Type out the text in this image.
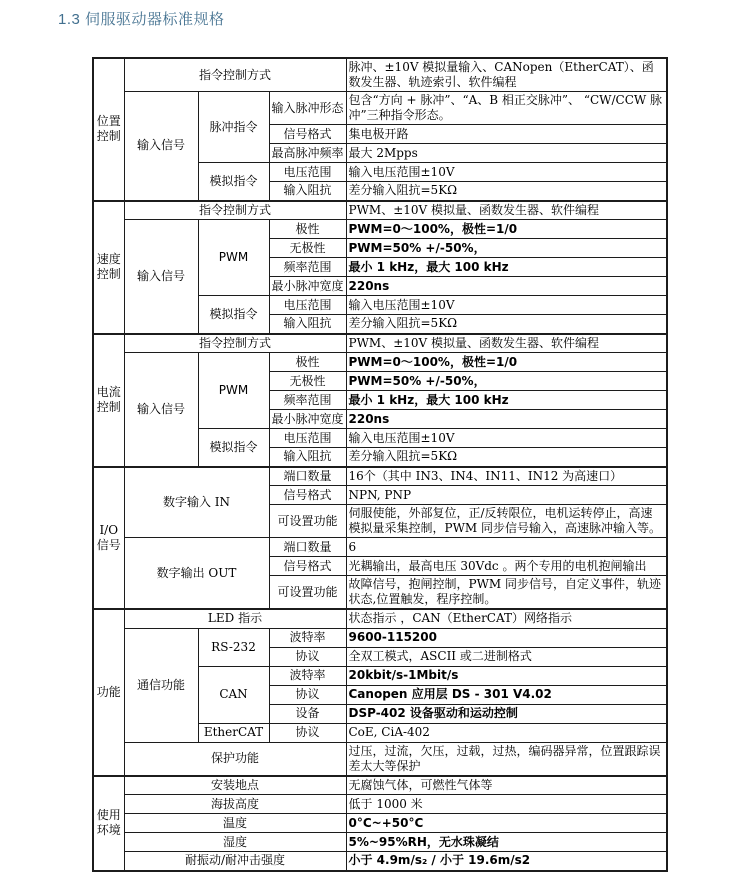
1.3 伺服驱动器标准规格
位置控制	指令控制方式			脉冲、±10V 模拟量输入、CANopen（EtherCAT）、函数发生器、轨迹索引、软件编程
	输入信号	脉冲指令	输入脉冲形态	包含“方向 + 脉冲”、“A、B 相正交脉冲”、 “CW/CCW 脉冲”三种指令形态。
			信号格式	集电极开路
			最高脉冲频率	最大 2Mpps
		模拟指令	电压范围	输入电压范围±10V
			输入阻抗	差分输入阻抗=5KΩ
速度控制	指令控制方式			PWM、±10V 模拟量、函数发生器、软件编程
	输入信号	PWM	极性	PWM=0～100%，极性=1/0
			无极性	PWM=50% +/-50%，
			频率范围	最小 1 kHz，最大 100 kHz
			最小脉冲宽度	220ns
		模拟指令	电压范围	输入电压范围±10V
			输入阻抗	差分输入阻抗=5KΩ
电流控制	指令控制方式			PWM、±10V 模拟量、函数发生器、软件编程
	输入信号	PWM	极性	PWM=0～100%，极性=1/0
			无极性	PWM=50% +/-50%，
			频率范围	最小 1 kHz，最大 100 kHz
			最小脉冲宽度	220ns
		模拟指令	电压范围	输入电压范围±10V
			输入阻抗	差分输入阻抗=5KΩ
I/O信号	数字输入 IN		端口数量	16个（其中 IN3、IN4、IN11、IN12 为高速口）
			信号格式	NPN, PNP
			可设置功能	伺服使能，外部复位，正/反转限位，电机运转停止，高速模拟量采集控制，PWM 同步信号输入，高速脉冲输入等。
	数字输出 OUT		端口数量	6
			信号格式	光耦输出，最高电压 30Vdc 。两个专用的电机抱闸输出
			可设置功能	故障信号，抱闸控制，PWM 同步信号，自定义事件，轨迹状态,位置触发，程序控制。
功能	LED 指示			状态指示 ，CAN（EtherCAT）网络指示
	通信功能	RS-232	波特率	9600-115200
			协议	全双工模式，ASCII 或二进制格式
		CAN	波特率	20kbit/s-1Mbit/s
			协议	Canopen 应用层 DS - 301 V4.02
			设备	DSP-402 设备驱动和运动控制
		EtherCAT	协议	CoE, CiA-402
	保护功能			过压，过流，欠压，过载，过热，编码器异常，位置跟踪误差太大等保护
使用环境	安装地点			无腐蚀气体，可燃性气体等
	海拔高度			低于 1000 米
	温度			0°C~+50°C
	湿度			5%~95%RH，无水珠凝结
	耐振动/耐冲击强度			小于 4.9m/s₂ / 小于 19.6m/s2
